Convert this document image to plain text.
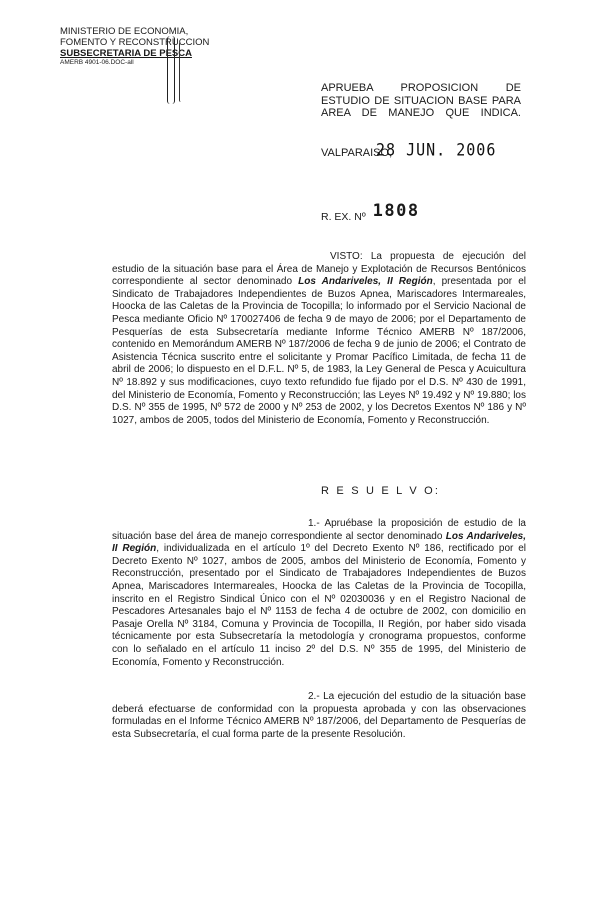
MINISTERIO DE ECONOMIA,
FOMENTO Y RECONSTRUCCION
SUBSECRETARIA DE PESCA
AMERB 4901-06.DOC-all
APRUEBA PROPOSICION DE ESTUDIO DE SITUACION BASE PARA AREA DE MANEJO QUE INDICA.
VALPARAISO,
28 JUN. 2006
R. EX. Nº 1808
VISTO: La propuesta de ejecución del estudio de la situación base para el Área de Manejo y Explotación de Recursos Bentónicos correspondiente al sector denominado Los Andariveles, II Región, presentada por el Sindicato de Trabajadores Independientes de Buzos Apnea, Mariscadores Intermareales, Hoocka de las Caletas de la Provincia de Tocopilla; lo informado por el Servicio Nacional de Pesca mediante Oficio Nº 170027406 de fecha 9 de mayo de 2006; por el Departamento de Pesquerías de esta Subsecretaría mediante Informe Técnico AMERB Nº 187/2006, contenido en Memorándum AMERB Nº 187/2006 de fecha 9 de junio de 2006; el Contrato de Asistencia Técnica suscrito entre el solicitante y Promar Pacífico Limitada, de fecha 11 de abril de 2006; lo dispuesto en el D.F.L. Nº 5, de 1983, la Ley General de Pesca y Acuicultura Nº 18.892 y sus modificaciones, cuyo texto refundido fue fijado por el D.S. Nº 430 de 1991, del Ministerio de Economía, Fomento y Reconstrucción; las Leyes Nº 19.492 y Nº 19.880; los D.S. Nº 355 de 1995, Nº 572 de 2000 y Nº 253 de 2002, y los Decretos Exentos Nº 186 y Nº 1027, ambos de 2005, todos del Ministerio de Economía, Fomento y Reconstrucción.
R E S U E L V O:
1.- Apruébase la proposición de estudio de la situación base del área de manejo correspondiente al sector denominado Los Andariveles, II Región, individualizada en el artículo 1º del Decreto Exento Nº 186, rectificado por el Decreto Exento Nº 1027, ambos de 2005, ambos del Ministerio de Economía, Fomento y Reconstrucción, presentado por el Sindicato de Trabajadores Independientes de Buzos Apnea, Mariscadores Intermareales, Hoocka de las Caletas de la Provincia de Tocopilla, inscrito en el Registro Sindical Único con el Nº 02030036 y en el Registro Nacional de Pescadores Artesanales bajo el Nº 1153 de fecha 4 de octubre de 2002, con domicilio en Pasaje Orella Nº 3184, Comuna y Provincia de Tocopilla, II Región, por haber sido visada técnicamente por esta Subsecretaría la metodología y cronograma propuestos, conforme con lo señalado en el artículo 11 inciso 2º del D.S. Nº 355 de 1995, del Ministerio de Economía, Fomento y Reconstrucción.
2.- La ejecución del estudio de la situación base deberá efectuarse de conformidad con la propuesta aprobada y con las observaciones formuladas en el Informe Técnico AMERB Nº 187/2006, del Departamento de Pesquerías de esta Subsecretaría, el cual forma parte de la presente Resolución.
